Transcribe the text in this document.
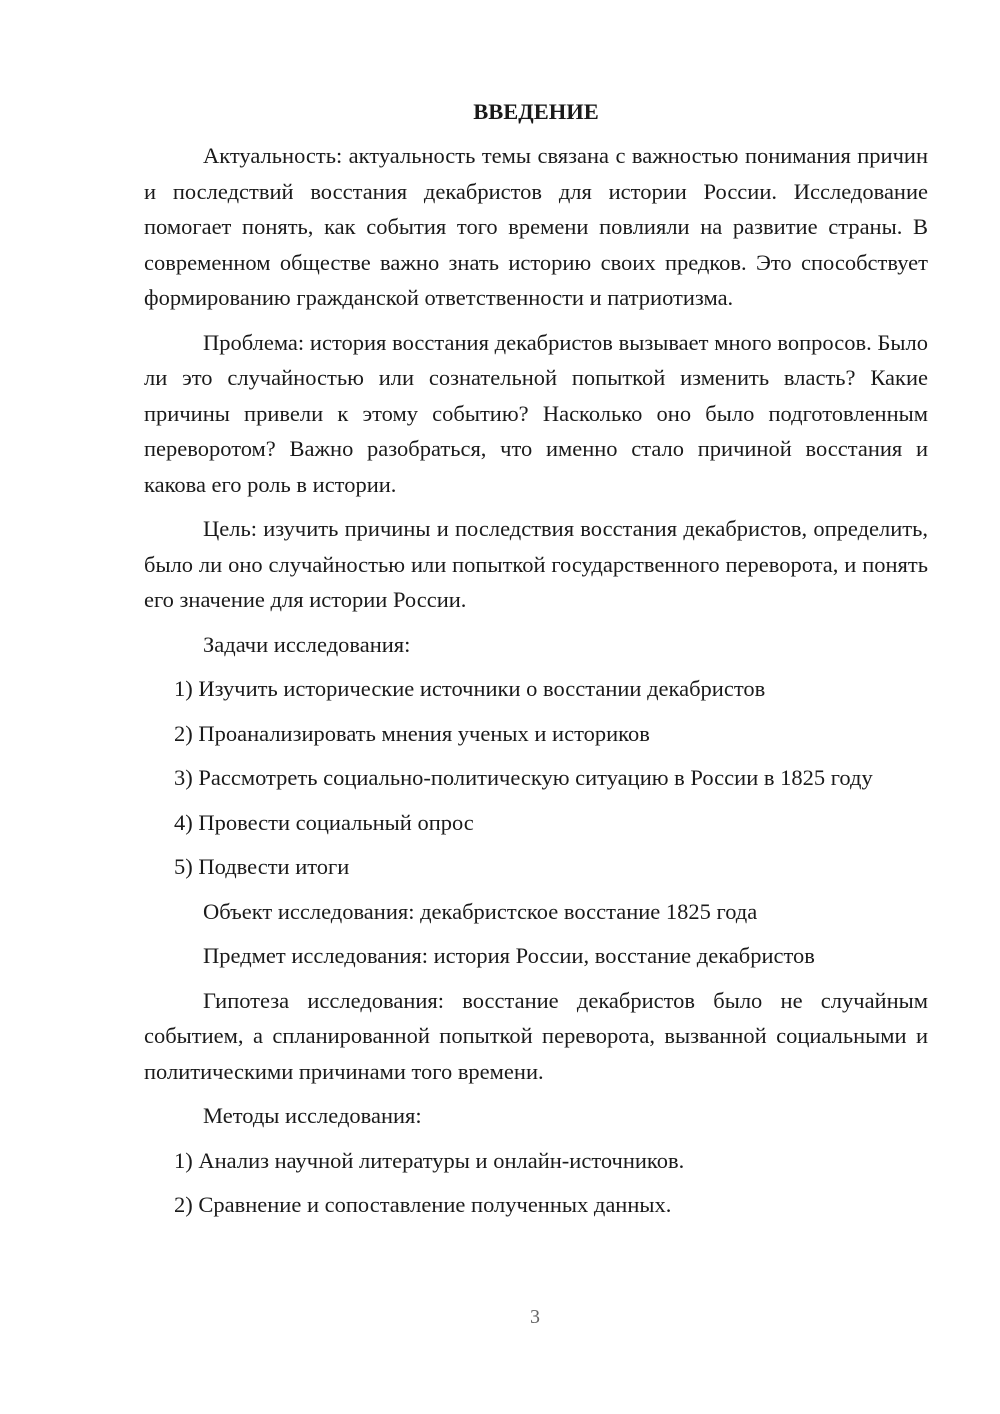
ВВЕДЕНИЕ

Актуальность: актуальность темы связана с важностью понимания причин и последствий восстания декабристов для истории России. Исследование помогает понять, как события того времени повлияли на развитие страны. В современном обществе важно знать историю своих предков. Это способствует формированию гражданской ответственности и патриотизма.

Проблема: история восстания декабристов вызывает много вопросов. Было ли это случайностью или сознательной попыткой изменить власть? Какие причины привели к этому событию? Насколько оно было подготовленным переворотом? Важно разобраться, что именно стало причиной восстания и какова его роль в истории.

Цель: изучить причины и последствия восстания декабристов, определить, было ли оно случайностью или попыткой государственного переворота, и понять его значение для истории России.

Задачи исследования:

1) Изучить исторические источники о восстании декабристов

2) Проанализировать мнения ученых и историков

3) Рассмотреть социально-политическую ситуацию в России в 1825 году

4) Провести социальный опрос

5) Подвести итоги

Объект исследования: декабристское восстание 1825 года

Предмет исследования: история России, восстание декабристов

Гипотеза исследования: восстание декабристов было не случайным событием, а спланированной попыткой переворота, вызванной социальными и политическими причинами того времени.

Методы исследования:

1) Анализ научной литературы и онлайн-источников.

2) Сравнение и сопоставление полученных данных.

3
